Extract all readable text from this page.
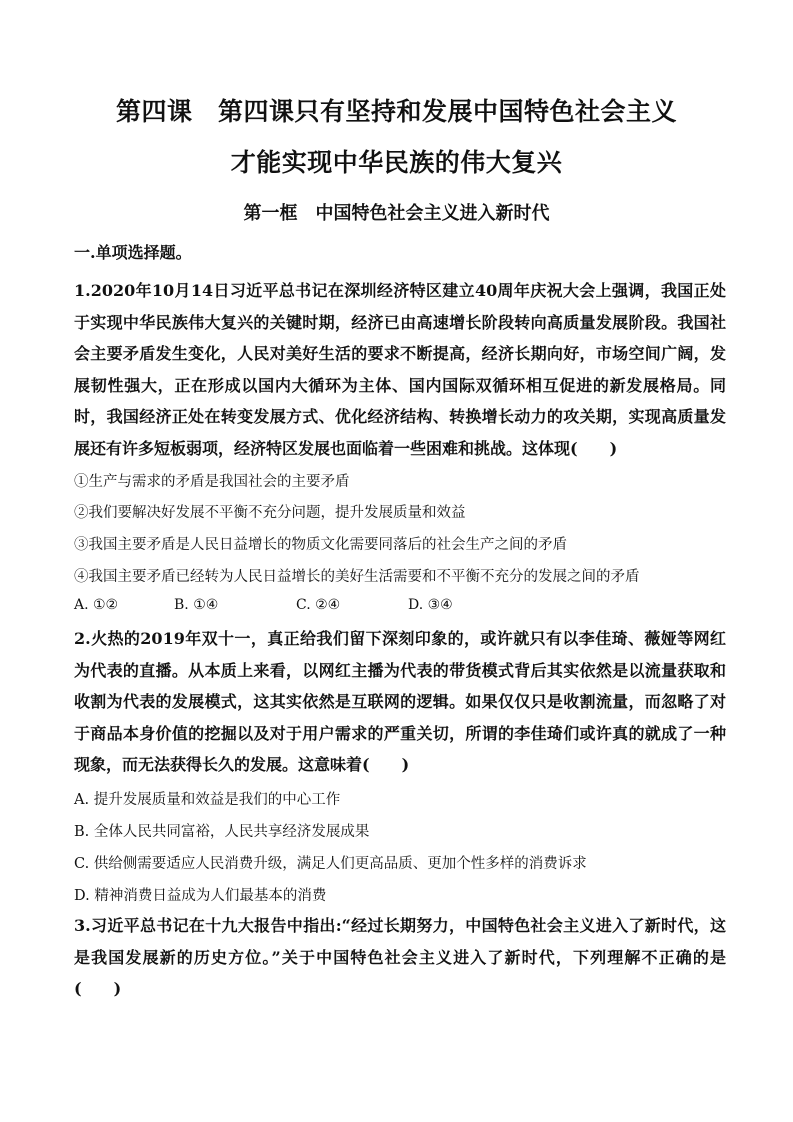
第四课　第四课只有坚持和发展中国特色社会主义
才能实现中华民族的伟大复兴
第一框　中国特色社会主义进入新时代
一.单项选择题。
1.2020年10月14日习近平总书记在深圳经济特区建立40周年庆祝大会上强调，我国正处于实现中华民族伟大复兴的关键时期，经济已由高速增长阶段转向高质量发展阶段。我国社会主要矛盾发生变化，人民对美好生活的要求不断提高，经济长期向好，市场空间广阔，发展韧性强大，正在形成以国内大循环为主体、国内国际双循环相互促进的新发展格局。同时，我国经济正处在转变发展方式、优化经济结构、转换增长动力的攻关期，实现高质量发展还有许多短板弱项，经济特区发展也面临着一些困难和挑战。这体现(　　)
①生产与需求的矛盾是我国社会的主要矛盾
②我们要解决好发展不平衡不充分问题，提升发展质量和效益
③我国主要矛盾是人民日益增长的物质文化需要同落后的社会生产之间的矛盾
④我国主要矛盾已经转为人民日益增长的美好生活需要和不平衡不充分的发展之间的矛盾
A. ①②	B. ①④	C. ②④	D. ③④
2.火热的2019年双十一，真正给我们留下深刻印象的，或许就只有以李佳琦、薇娅等网红为代表的直播。从本质上来看，以网红主播为代表的带货模式背后其实依然是以流量获取和收割为代表的发展模式，这其实依然是互联网的逻辑。如果仅仅只是收割流量，而忽略了对于商品本身价值的挖掘以及对于用户需求的严重关切，所谓的李佳琦们或许真的就成了一种现象，而无法获得长久的发展。这意味着(　　)
A. 提升发展质量和效益是我们的中心工作
B. 全体人民共同富裕，人民共享经济发展成果
C. 供给侧需要适应人民消费升级，满足人们更高品质、更加个性多样的消费诉求
D. 精神消费日益成为人们最基本的消费
3.习近平总书记在十九大报告中指出:“经过长期努力，中国特色社会主义进入了新时代，这是我国发展新的历史方位。”关于中国特色社会主义进入了新时代，下列理解不正确的是(　　)
